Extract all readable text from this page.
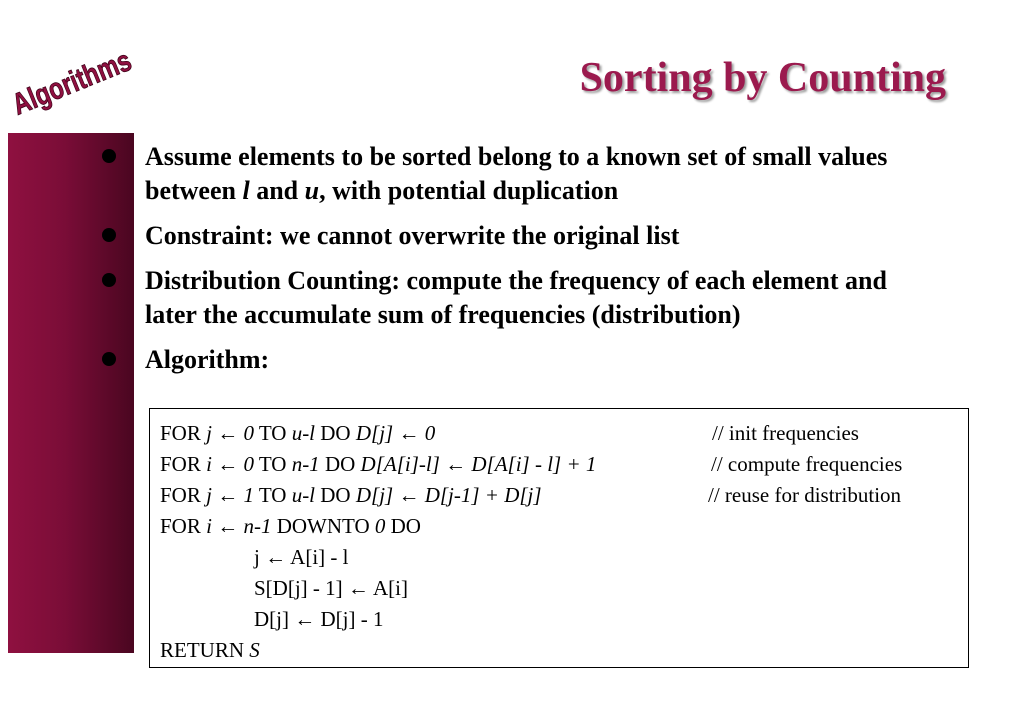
Algorithms	Sorting by Counting
Assume elements to be sorted belong to a known set of small values between l and u, with potential duplication
Constraint: we cannot overwrite the original list
Distribution Counting: compute the frequency of each element and later the accumulate sum of frequencies (distribution)
Algorithm:
FOR j ← 0 TO u-l DO D[j] ← 0	// init frequencies
FOR i ← 0 TO n-1 DO D[A[i]-l] ← D[A[i] - l] + 1	// compute frequencies
FOR j ← 1 TO u-l DO D[j] ← D[j-1] + D[j]	// reuse for distribution
FOR i ← n-1 DOWNTO 0 DO
j ← A[i] - l
S[D[j] - 1] ← A[i]
D[j] ← D[j] - 1
RETURN S
